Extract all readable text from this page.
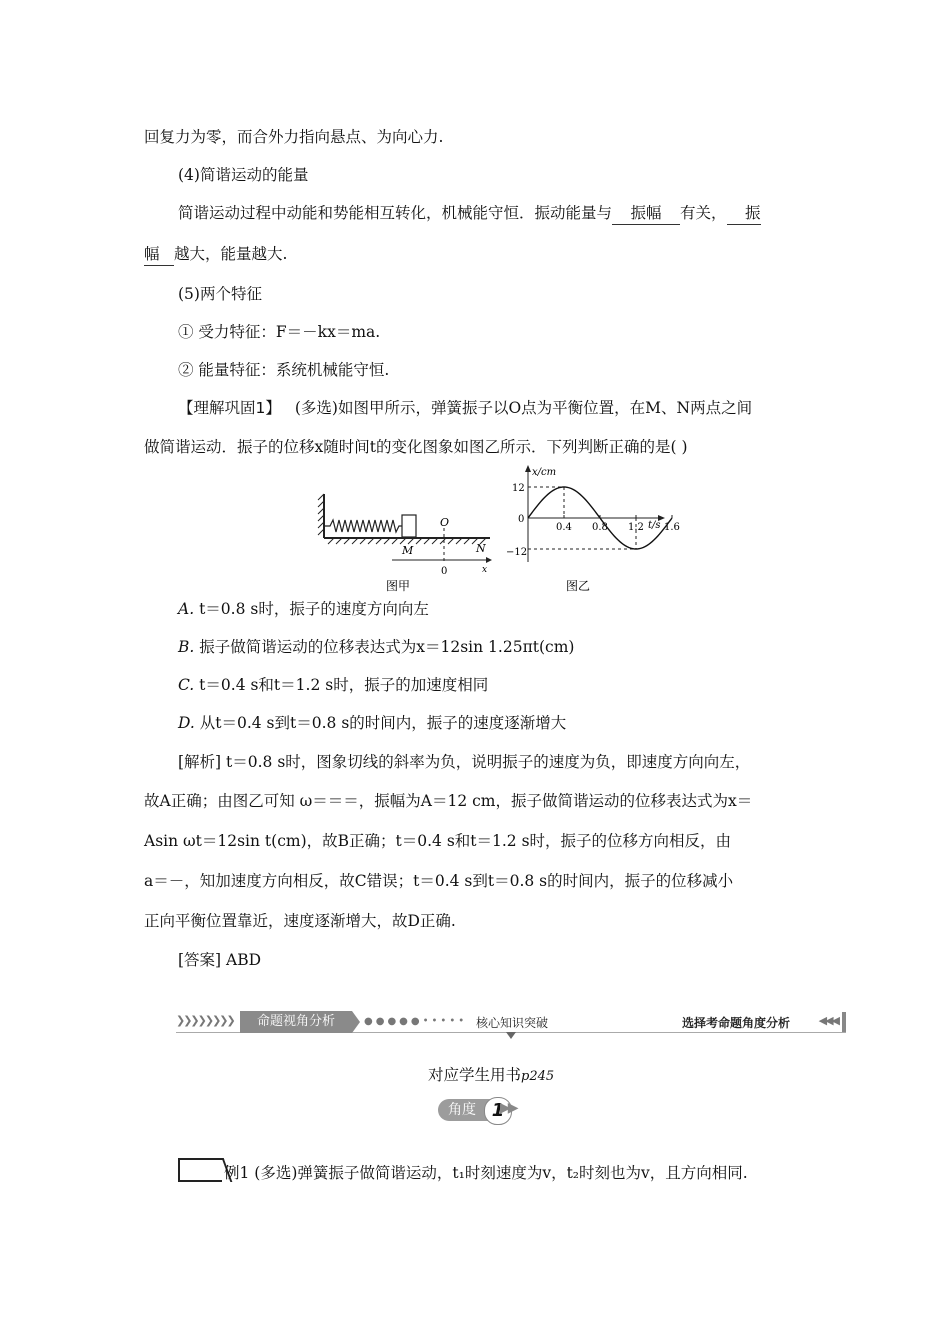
回复力为零，而合外力指向悬点、为向心力.
(4)简谐运动的能量
简谐运动过程中动能和势能相互转化，机械能守恒．振动能量与 振幅 有关， 振
幅 越大，能量越大.
(5)两个特征
① 受力特征：F＝－kx＝ma.
② 能量特征：系统机械能守恒.
【理解巩固1】 (多选)如图甲所示，弹簧振子以O点为平衡位置，在M、N两点之间
做简谐运动．振子的位移x随时间t的变化图象如图乙所示．下列判断正确的是( )
O
M	N
0	x
图甲
x/cm
t/s
12
0
−12
0.4 0.8 1.2 1.6
图乙
A. t＝0.8 s时，振子的速度方向向左
B. 振子做简谐运动的位移表达式为x＝12sin 1.25πt(cm)
C. t＝0.4 s和t＝1.2 s时，振子的加速度相同
D. 从t＝0.4 s到t＝0.8 s的时间内，振子的速度逐渐增大
[解析] t＝0.8 s时，图象切线的斜率为负，说明振子的速度为负，即速度方向向左，
故A正确；由图乙可知 ω＝＝＝，振幅为A＝12 cm，振子做简谐运动的位移表达式为x＝
Asin ωt＝12sin t(cm)，故B正确；t＝0.4 s和t＝1.2 s时，振子的位移方向相反，由
a＝－，知加速度方向相反，故C错误；t＝0.4 s到t＝0.8 s的时间内，振子的位移减小
正向平衡位置靠近，速度逐渐增大，故D正确.
[答案] ABD
❯❯❯❯❯❯❯❯	命题视角分析	●●●●●••••• 核心知识突破	选择考命题角度分析	◀◀◀
对应学生用书p245
角度 1
▶▶
例1 (多选)弹簧振子做简谐运动，t₁时刻速度为v，t₂时刻也为v，且方向相同.
